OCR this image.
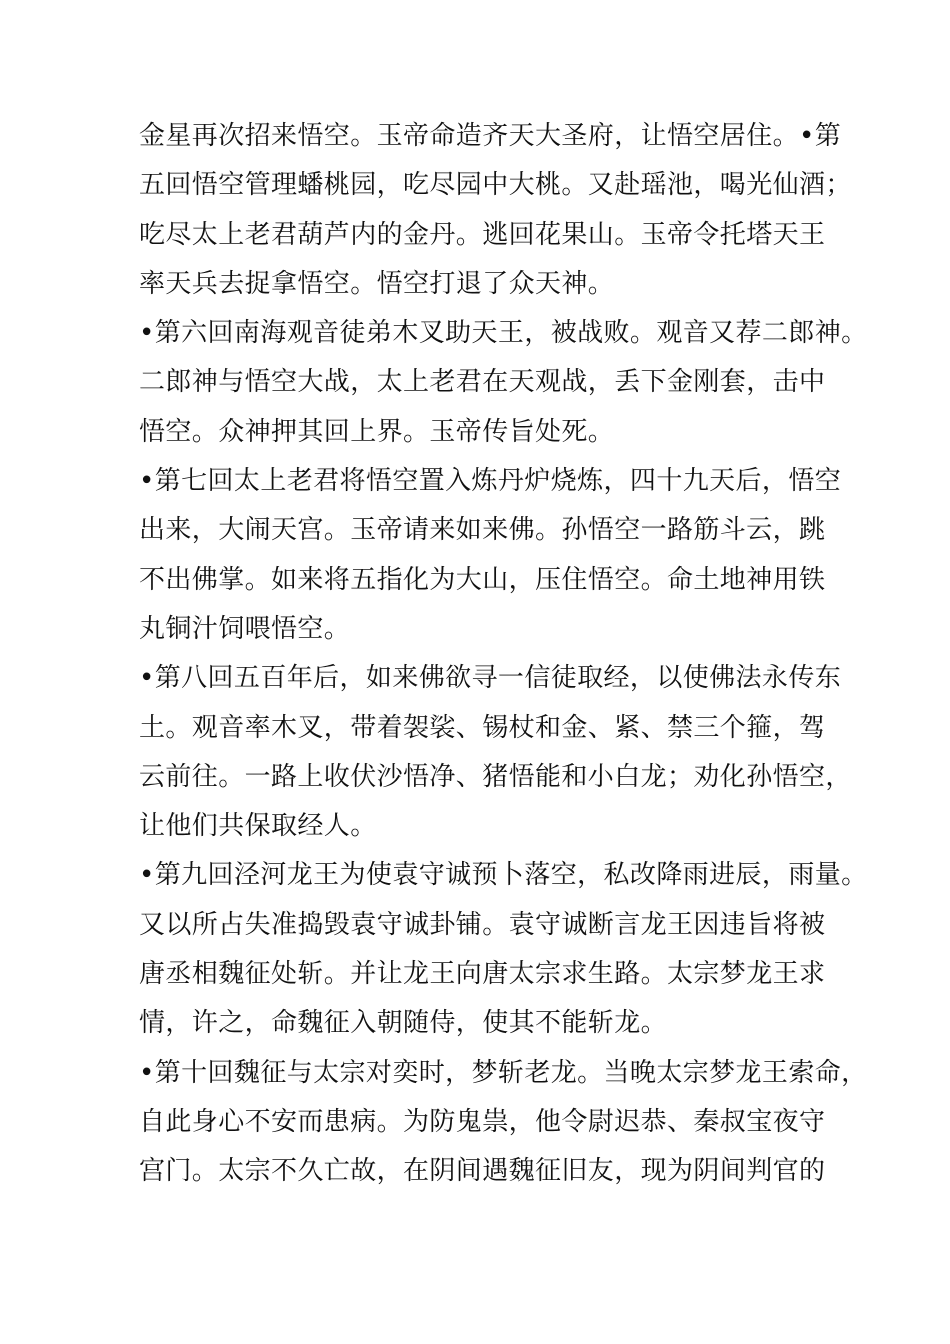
金星再次招来悟空。玉帝命造齐天大圣府，让悟空居住。•第
五回悟空管理蟠桃园，吃尽园中大桃。又赴瑶池，喝光仙酒；
吃尽太上老君葫芦内的金丹。逃回花果山。玉帝令托塔天王
率天兵去捉拿悟空。悟空打退了众天神。
•第六回南海观音徒弟木叉助天王，被战败。观音又荐二郎神。
二郎神与悟空大战，太上老君在天观战，丢下金刚套，击中
悟空。众神押其回上界。玉帝传旨处死。
•第七回太上老君将悟空置入炼丹炉烧炼，四十九天后，悟空
出来，大闹天宫。玉帝请来如来佛。孙悟空一路筋斗云，跳
不出佛掌。如来将五指化为大山，压住悟空。命土地神用铁
丸铜汁饲喂悟空。
•第八回五百年后，如来佛欲寻一信徒取经，以使佛法永传东
土。观音率木叉，带着袈裟、锡杖和金、紧、禁三个箍，驾
云前往。一路上收伏沙悟净、猪悟能和小白龙；劝化孙悟空，
让他们共保取经人。
•第九回泾河龙王为使袁守诚预卜落空，私改降雨进辰，雨量。
又以所占失准捣毁袁守诚卦铺。袁守诚断言龙王因违旨将被
唐丞相魏征处斩。并让龙王向唐太宗求生路。太宗梦龙王求
情，许之，命魏征入朝随侍，使其不能斩龙。
•第十回魏征与太宗对奕时，梦斩老龙。当晚太宗梦龙王索命，
自此身心不安而患病。为防鬼祟，他令尉迟恭、秦叔宝夜守
宫门。太宗不久亡故，在阴间遇魏征旧友，现为阴间判官的
